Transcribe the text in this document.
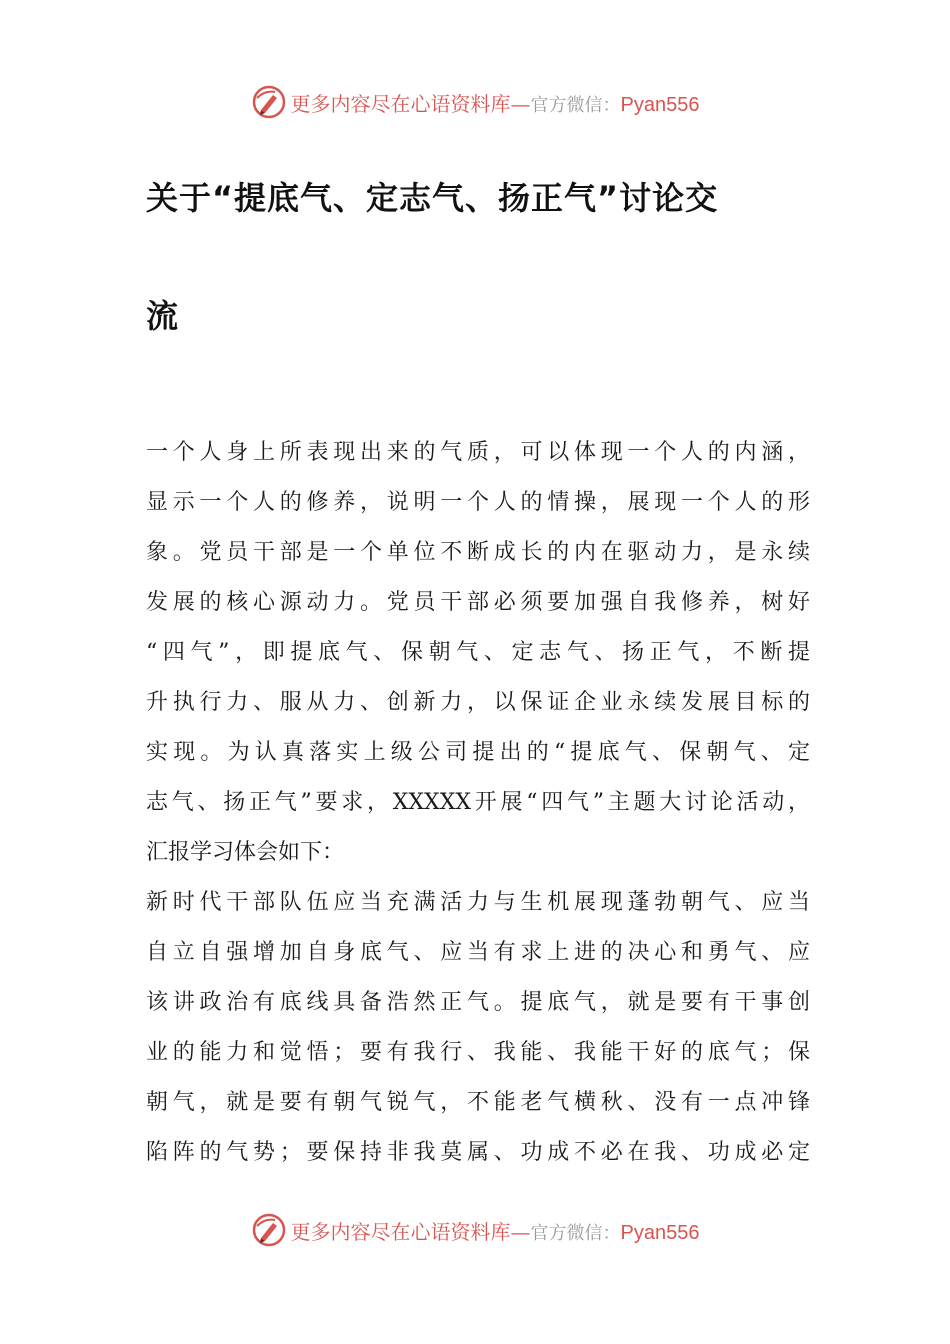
更多内容尽在心语资料库—官方微信：Pyan556
关于“提底气、定志气、扬正气”讨论交
流
一个人身上所表现出来的气质，可以体现一个人的内涵，
显示一个人的修养，说明一个人的情操，展现一个人的形
象。党员干部是一个单位不断成长的内在驱动力，是永续
发展的核心源动力。党员干部必须要加强自我修养，树好
“四气”，即提底气、保朝气、定志气、扬正气，不断提
升执行力、服从力、创新力，以保证企业永续发展目标的
实现。为认真落实上级公司提出的“提底气、保朝气、定
志气、扬正气”要求，XXXXX开展“四气”主题大讨论活动，
汇报学习体会如下：
新时代干部队伍应当充满活力与生机展现蓬勃朝气、应当
自立自强增加自身底气、应当有求上进的决心和勇气、应
该讲政治有底线具备浩然正气。提底气，就是要有干事创
业的能力和觉悟；要有我行、我能、我能干好的底气；保
朝气，就是要有朝气锐气，不能老气横秋、没有一点冲锋
陷阵的气势；要保持非我莫属、功成不必在我、功成必定
更多内容尽在心语资料库—官方微信：Pyan556
